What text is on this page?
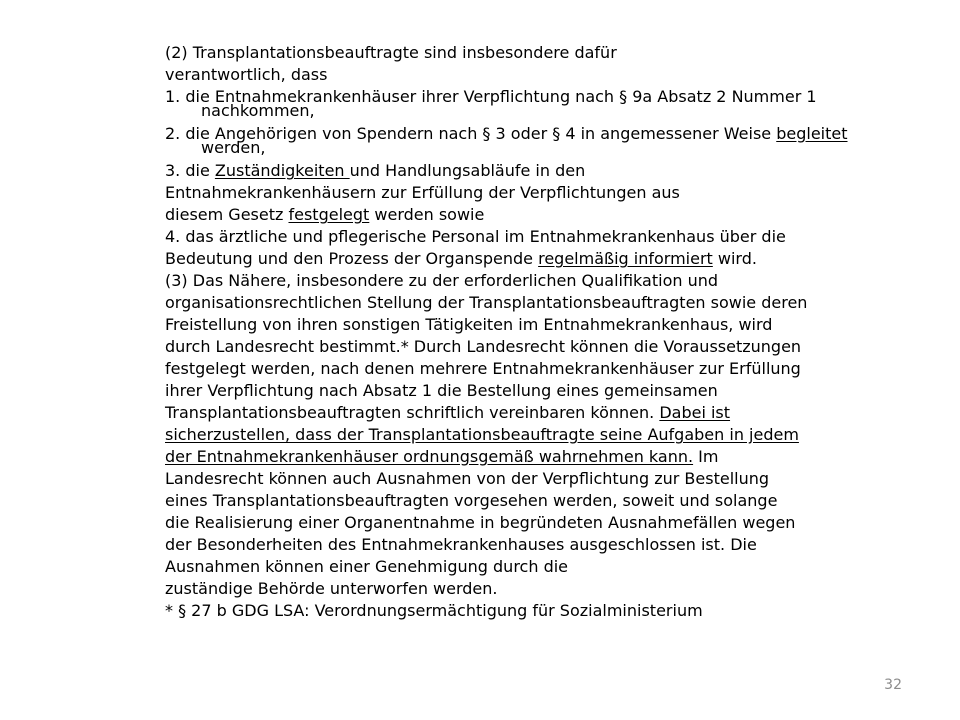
(2) Transplantationsbeauftragte sind insbesondere dafür
verantwortlich, dass
1. die Entnahmekrankenhäuser ihrer Verpflichtung nach § 9a Absatz 2 Nummer 1
nachkommen,
2. die Angehörigen von Spendern nach § 3 oder § 4 in angemessener Weise begleitet
werden,
3. die Zuständigkeiten und Handlungsabläufe in den
Entnahmekrankenhäusern zur Erfüllung der Verpflichtungen aus
diesem Gesetz festgelegt werden sowie
4. das ärztliche und pflegerische Personal im Entnahmekrankenhaus über die
Bedeutung und den Prozess der Organspende regelmäßig informiert wird.
(3) Das Nähere, insbesondere zu der erforderlichen Qualifikation und
organisationsrechtlichen Stellung der Transplantationsbeauftragten sowie deren
Freistellung von ihren sonstigen Tätigkeiten im Entnahmekrankenhaus, wird
durch Landesrecht bestimmt.* Durch Landesrecht können die Voraussetzungen
festgelegt werden, nach denen mehrere Entnahmekrankenhäuser zur Erfüllung
ihrer Verpflichtung nach Absatz 1 die Bestellung eines gemeinsamen
Transplantationsbeauftragten schriftlich vereinbaren können. Dabei ist
sicherzustellen, dass der Transplantationsbeauftragte seine Aufgaben in jedem
der Entnahmekrankenhäuser ordnungsgemäß wahrnehmen kann. Im
Landesrecht können auch Ausnahmen von der Verpflichtung zur Bestellung
eines Transplantationsbeauftragten vorgesehen werden, soweit und solange
die Realisierung einer Organentnahme in begründeten Ausnahmefällen wegen
der Besonderheiten des Entnahmekrankenhauses ausgeschlossen ist. Die
Ausnahmen können einer Genehmigung durch die
zuständige Behörde unterworfen werden.
* § 27 b GDG LSA: Verordnungsermächtigung für Sozialministerium
32
